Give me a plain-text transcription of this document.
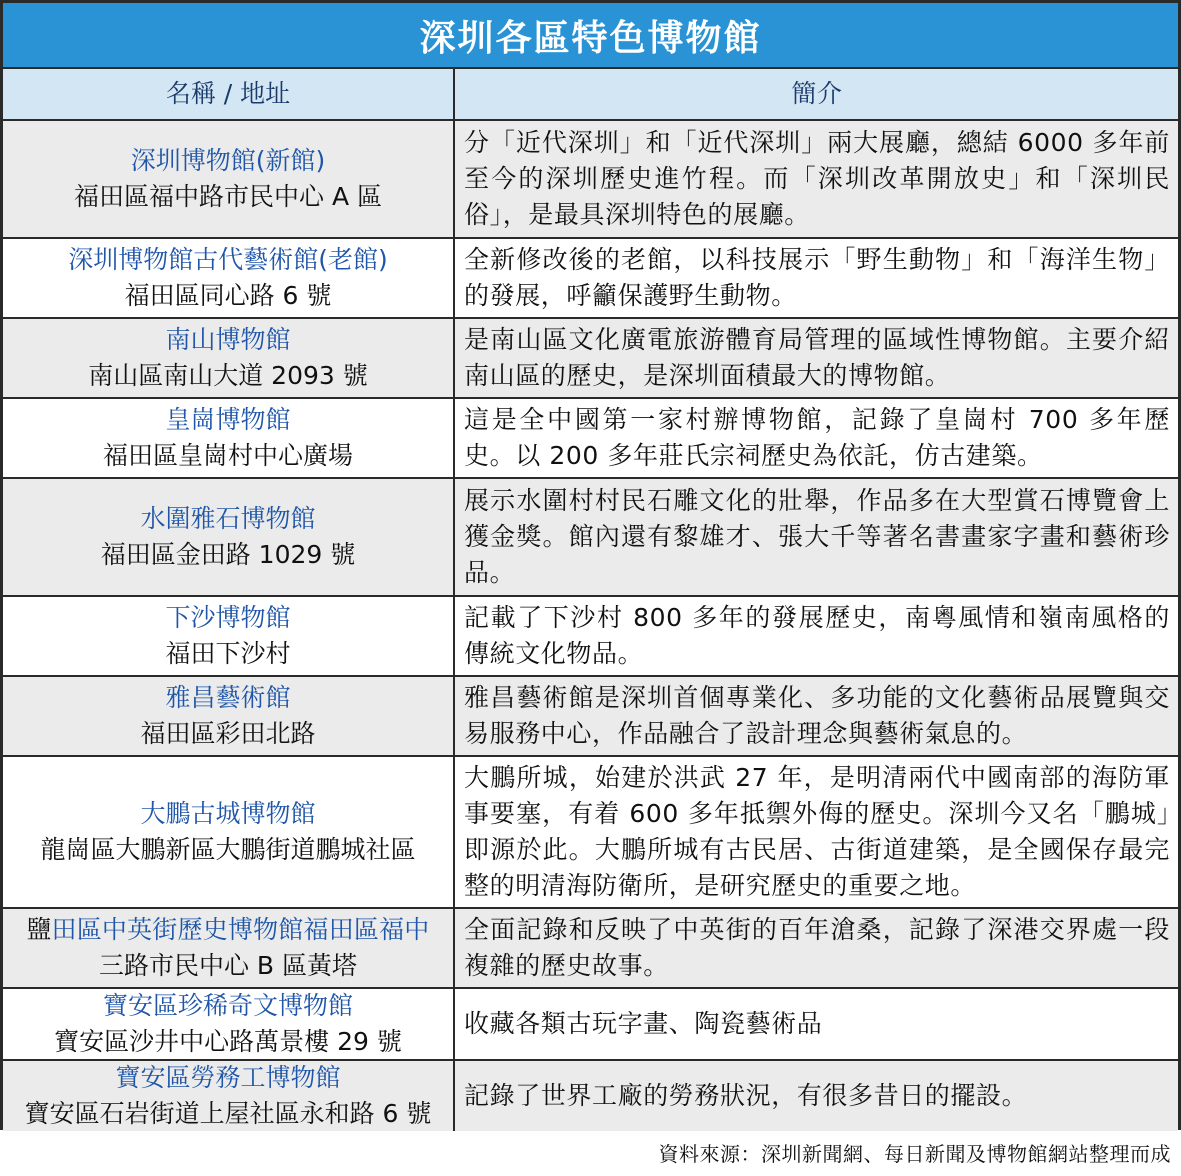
深圳各區特色博物館
名稱 / 地址	簡介
深圳博物館(新館)
福田區福中路市民中心 A 區
分「近代深圳」和「近代深圳」兩大展廳，總結 6000 多年前至今的深圳歷史進竹程。而「深圳改革開放史」和「深圳民俗」，是最具深圳特色的展廳。
深圳博物館古代藝術館(老館)
福田區同心路 6 號
全新修改後的老館，以科技展示「野生動物」和「海洋生物」的發展，呼籲保護野生動物。
南山博物館
南山區南山大道 2093 號
是南山區文化廣電旅游體育局管理的區域性博物館。主要介紹南山區的歷史，是深圳面積最大的博物館。
皇崗博物館
福田區皇崗村中心廣場
這是全中國第一家村辦博物館，記錄了皇崗村 700 多年歷史。以 200 多年莊氏宗祠歷史為依託，仿古建築。
水圍雅石博物館
福田區金田路 1029 號
展示水圍村村民石雕文化的壯舉，作品多在大型賞石博覽會上獲金獎。館內還有黎雄才、張大千等著名書畫家字畫和藝術珍品。
下沙博物館
福田下沙村
記載了下沙村 800 多年的發展歷史，南粵風情和嶺南風格的傳統文化物品。
雅昌藝術館
福田區彩田北路
雅昌藝術館是深圳首個專業化、多功能的文化藝術品展覽與交易服務中心，作品融合了設計理念與藝術氣息的。
大鵬古城博物館
龍崗區大鵬新區大鵬街道鵬城社區
大鵬所城，始建於洪武 27 年，是明清兩代中國南部的海防軍事要塞，有着 600 多年抵禦外侮的歷史。深圳今又名「鵬城」即源於此。大鵬所城有古民居、古街道建築，是全國保存最完整的明清海防衛所，是研究歷史的重要之地。
鹽田區中英街歷史博物館福田區福中
三路市民中心 B 區黃塔
全面記錄和反映了中英街的百年滄桑，記錄了深港交界處一段複雜的歷史故事。
寶安區珍稀奇文博物館
寶安區沙井中心路萬景樓 29 號
收藏各類古玩字畫、陶瓷藝術品
寶安區勞務工博物館
寶安區石岩街道上屋社區永和路 6 號
記錄了世界工廠的勞務狀況，有很多昔日的擺設。
資料來源：深圳新聞網、每日新聞及博物館網站整理而成
